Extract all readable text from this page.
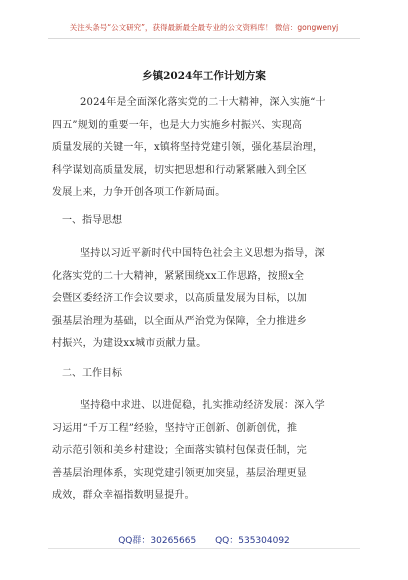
关注头条号“公文研究”，获得最新最全最专业的公文资料库！ 微信：gongwenyj
乡镇2024年工作计划方案
2024年是全面深化落实党的二十大精神，深入实施“十
四五”规划的重要一年，也是大力实施乡村振兴、实现高
质量发展的关键一年，x镇将坚持党建引领，强化基层治理，
科学谋划高质量发展，切实把思想和行动紧紧融入到全区
发展上来，力争开创各项工作新局面。
一、指导思想
坚持以习近平新时代中国特色社会主义思想为指导，深
化落实党的二十大精神，紧紧围绕xx工作思路，按照x全
会暨区委经济工作会议要求，以高质量发展为目标，以加
强基层治理为基础，以全面从严治党为保障，全力推进乡
村振兴，为建设xx城市贡献力量。
二、工作目标
坚持稳中求进、以进促稳，扎实推动经济发展：深入学
习运用“千万工程”经验，坚持守正创新、创新创优，推
动示范引领和美乡村建设；全面落实镇村包保责任制，完
善基层治理体系，实现党建引领更加突显，基层治理更显
成效，群众幸福指数明显提升。
QQ群：30265665 QQ：535304092
